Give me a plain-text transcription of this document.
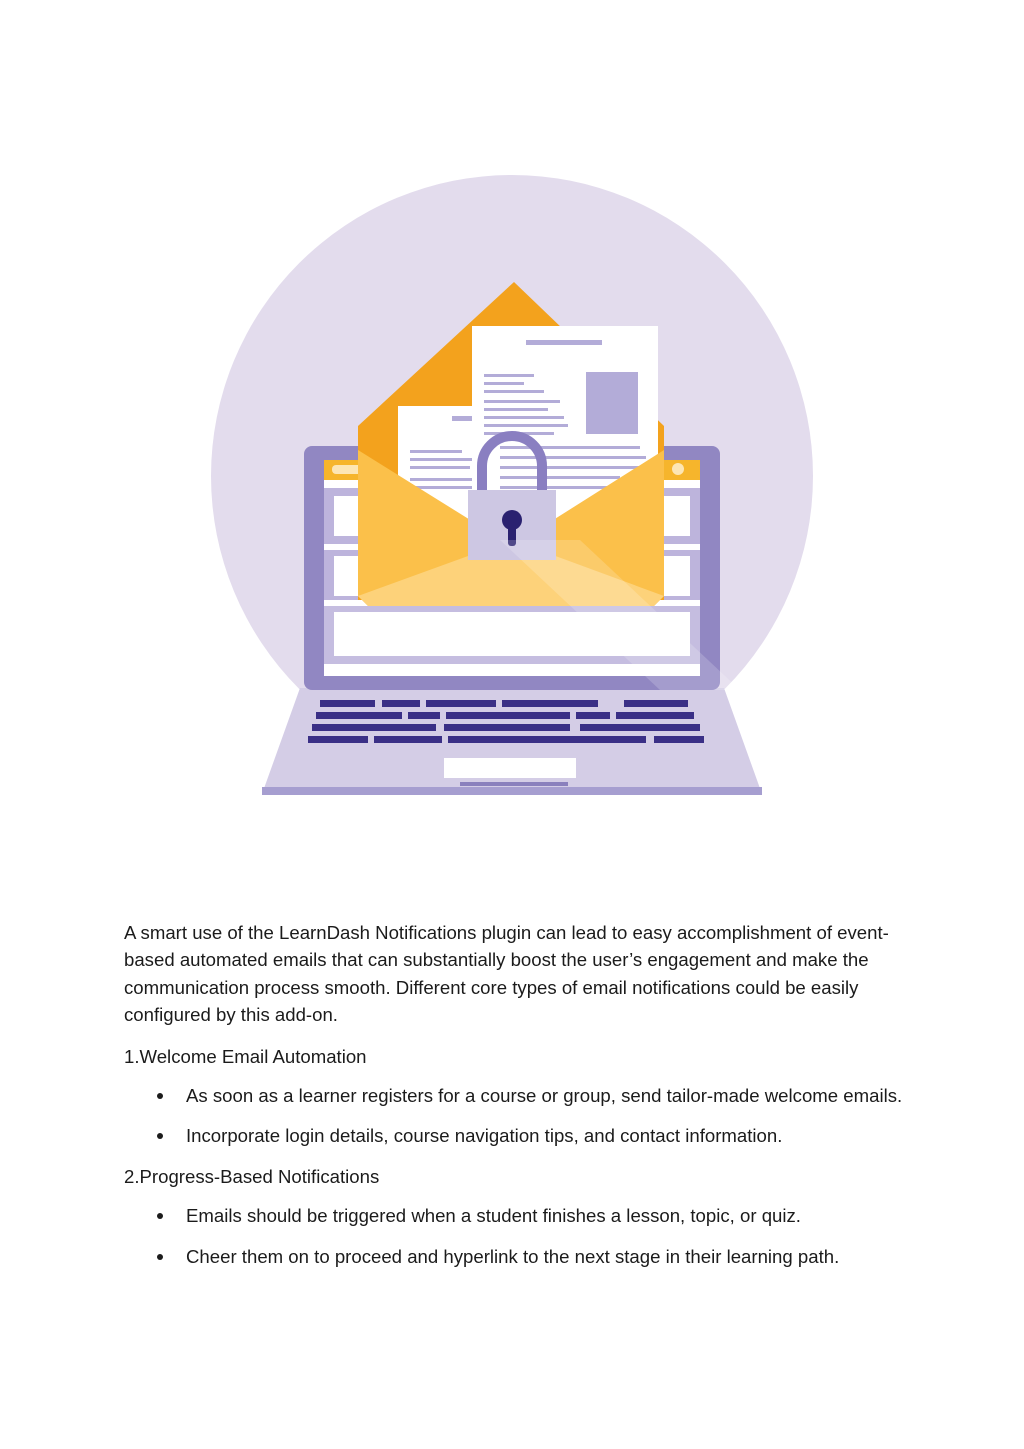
A smart use of the LearnDash Notifications plugin can lead to easy accomplishment of event-based automated emails that can substantially boost the user’s engagement and make the communication process smooth. Different core types of email notifications could be easily configured by this add-on.

1.Welcome Email Automation

As soon as a learner registers for a course or group, send tailor-made welcome emails.
Incorporate login details, course navigation tips, and contact information.

2.Progress-Based Notifications

Emails should be triggered when a student finishes a lesson, topic, or quiz.
Cheer them on to proceed and hyperlink to the next stage in their learning path.
